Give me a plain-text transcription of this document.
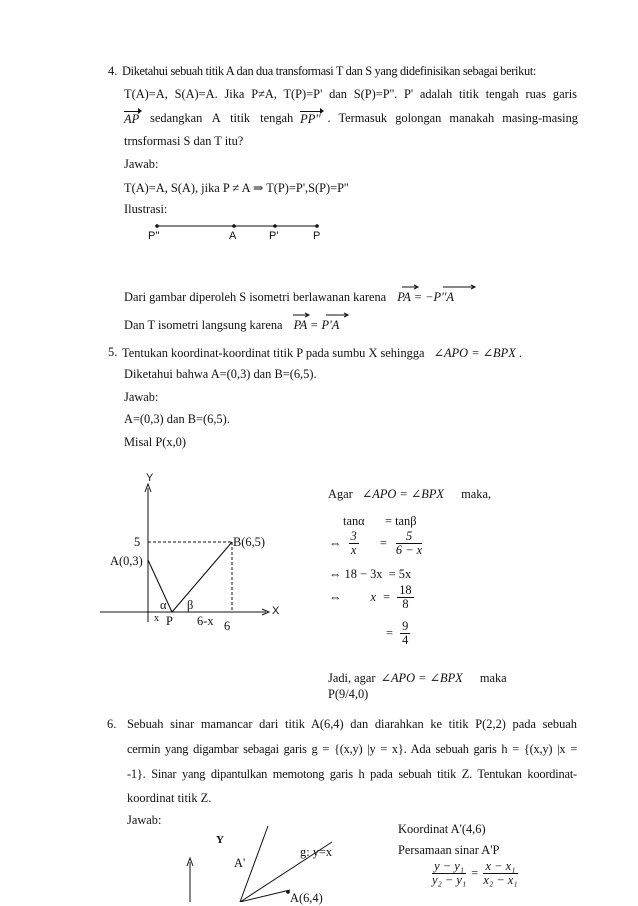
4. Diketahui sebuah titik A dan dua transformasi T dan S yang didefinisikan sebagai berikut:
T(A)=A, S(A)=A. Jika P≠A, T(P)=P' dan S(P)=P''. P' adalah titik tengah ruas garis
AP sedangkan A titik tengah PP'' . Termasuk golongan manakah masing-masing
trnsformasi S dan T itu?
Jawab:
T(A)=A, S(A), jika P ≠ A ⇒ T(P)=P',S(P)=P''
Ilustrasi:
P''	A	P'	P
Dari gambar diperoleh S isometri berlawanan karena PA = −P''A
Dan T isometri langsung karena PA = P'A
5. Tentukan koordinat-koordinat titik P pada sumbu X sehingga ∠APO = ∠BPX .
Diketahui bahwa A=(0,3) dan B=(6,5).
Jawab:
A=(0,3) dan B=(6,5).
Misal P(x,0)
Y
X
5
A(0,3)
B(6,5)
α β
x P 6-x 6
Agar ∠APO = ∠BPX maka,
tanα = tanβ
⇔ $\frac{3}{x} = \frac{5}{6 - x}$
⇔ 18 − 3x  = 5x
⇔ $x = \frac{18}{8}$
= $\frac{9}{4}$
Jadi, agar ∠APO = ∠BPX maka
P(9/4,0)
6. Sebuah sinar mamancar dari titik A(6,4) dan diarahkan ke titik P(2,2) pada sebuah
cermin yang digambar sebagai garis g = {(x,y) |y = x}. Ada sebuah garis h = {(x,y) |x =
-1}. Sinar yang dipantulkan memotong garis h pada sebuah titik Z. Tentukan koordinat-
koordinat titik Z.
Jawab:
Y
A'
g: y=x
A(6,4)
Koordinat A'(4,6)
Persamaan sinar A'P
$\frac{\text{y − y₁}}{\text{y₂ − y₁}} = \frac{\text{x − x₁}}{\text{x₂ − x₁}}$
